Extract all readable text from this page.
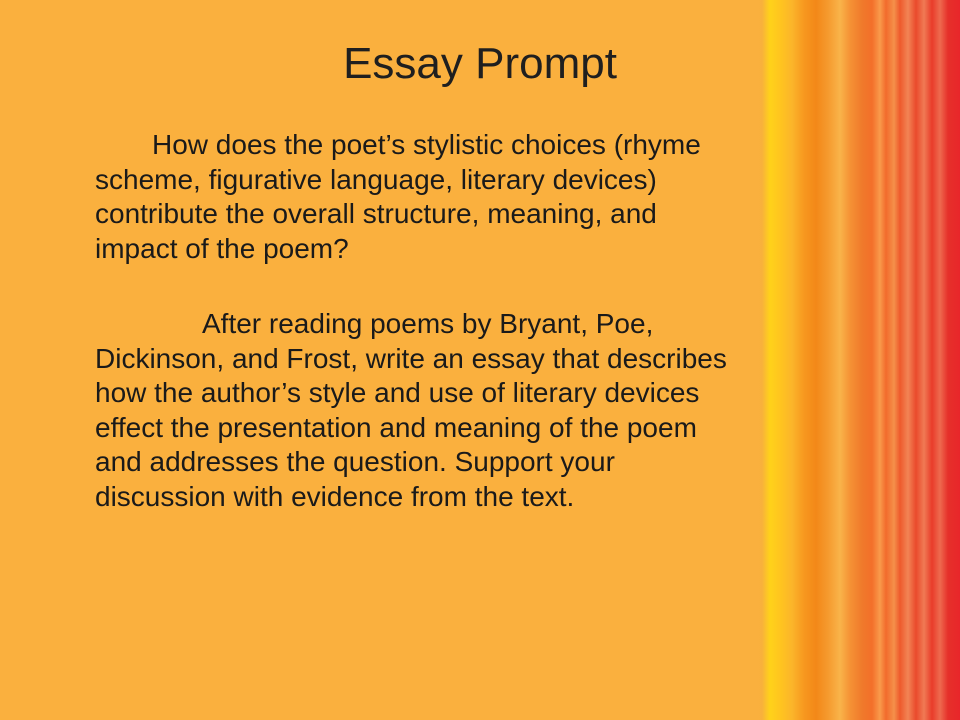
Essay Prompt

How does the poet’s stylistic choices (rhyme scheme, figurative language, literary devices) contribute the overall structure, meaning, and impact of the poem?

After reading poems by Bryant, Poe, Dickinson, and Frost, write an essay that describes how the author’s style and use of literary devices effect the presentation and meaning of the poem and addresses the question. Support your discussion with evidence from the text.
